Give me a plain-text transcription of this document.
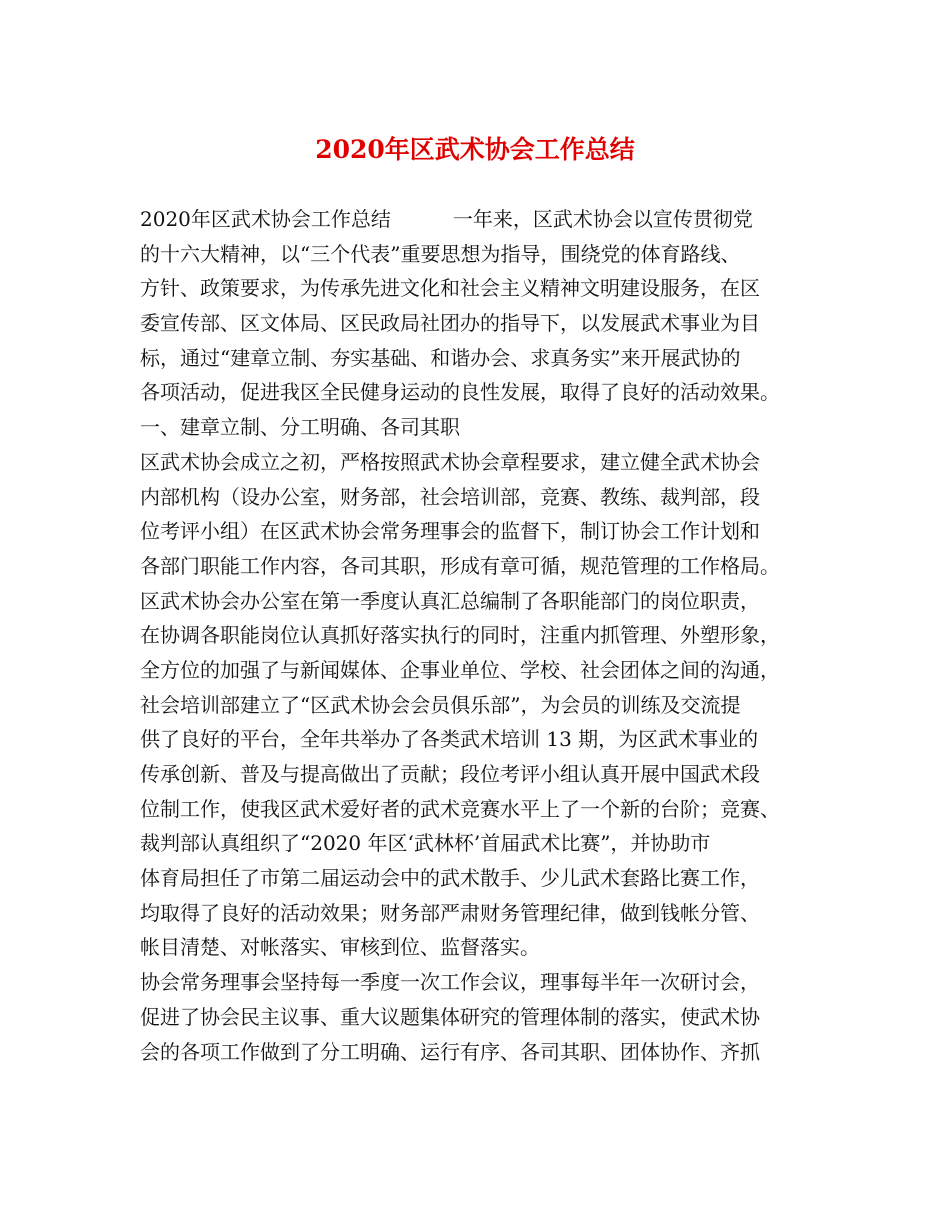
2020年区武术协会工作总结
2020年区武术协会工作总结	一年来，区武术协会以宣传贯彻党
的十六大精神，以“三个代表”重要思想为指导，围绕党的体育路线、
方针、政策要求，为传承先进文化和社会主义精神文明建设服务，在区
委宣传部、区文体局、区民政局社团办的指导下，以发展武术事业为目
标，通过“建章立制、夯实基础、和谐办会、求真务实”来开展武协的
各项活动，促进我区全民健身运动的良性发展，取得了良好的活动效果。
一、建章立制、分工明确、各司其职
区武术协会成立之初，严格按照武术协会章程要求，建立健全武术协会
内部机构（设办公室，财务部，社会培训部，竞赛、教练、裁判部，段
位考评小组）在区武术协会常务理事会的监督下，制订协会工作计划和
各部门职能工作内容，各司其职，形成有章可循，规范管理的工作格局。
区武术协会办公室在第一季度认真汇总编制了各职能部门的岗位职责，
在协调各职能岗位认真抓好落实执行的同时，注重内抓管理、外塑形象，
全方位的加强了与新闻媒体、企事业单位、学校、社会团体之间的沟通，
社会培训部建立了“区武术协会会员俱乐部”，为会员的训练及交流提
供了良好的平台，全年共举办了各类武术培训 13 期，为区武术事业的
传承创新、普及与提高做出了贡献；段位考评小组认真开展中国武术段
位制工作，使我区武术爱好者的武术竞赛水平上了一个新的台阶；竞赛、
裁判部认真组织了“2020 年区‘武林杯’首届武术比赛”，并协助市
体育局担任了市第二届运动会中的武术散手、少儿武术套路比赛工作，
均取得了良好的活动效果；财务部严肃财务管理纪律，做到钱帐分管、
帐目清楚、对帐落实、审核到位、监督落实。
协会常务理事会坚持每一季度一次工作会议，理事每半年一次研讨会，
促进了协会民主议事、重大议题集体研究的管理体制的落实，使武术协
会的各项工作做到了分工明确、运行有序、各司其职、团体协作、齐抓
